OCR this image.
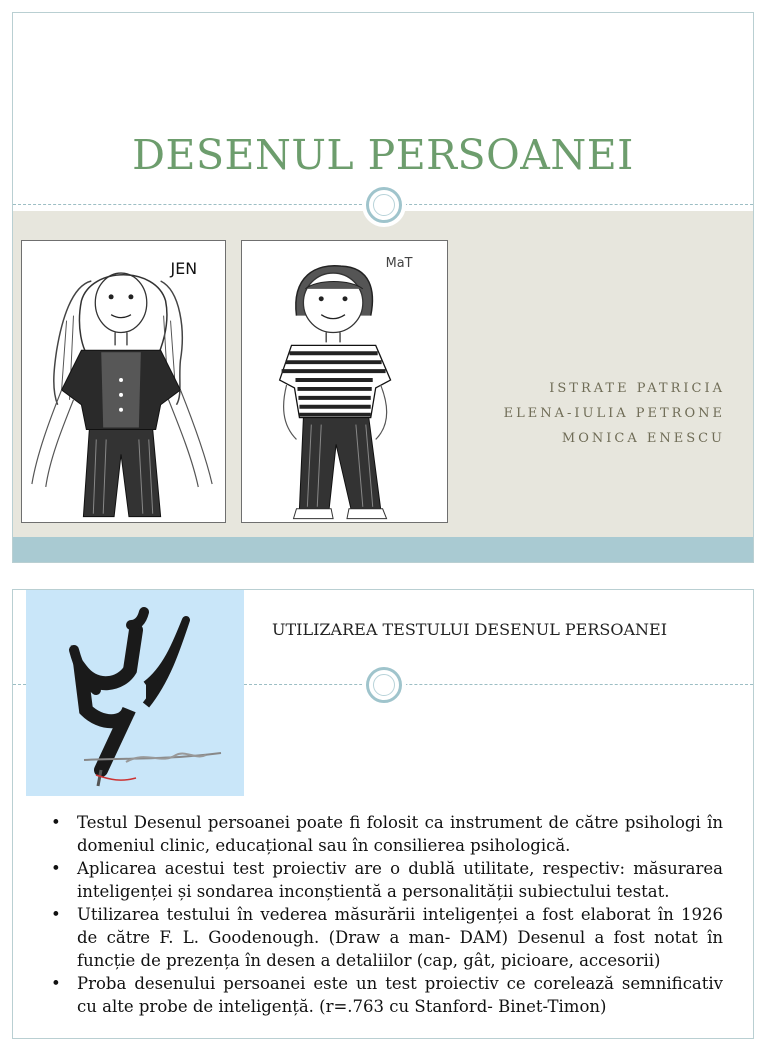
DESENUL PERSOANEI
JEN	MaT
ISTRATE PATRICIA
ELENA-IULIA PETRONE
MONICA ENESCU
UTILIZAREA TESTULUI DESENUL PERSOANEI
• Testul Desenul persoanei poate fi folosit ca instrument de către psihologi în domeniul clinic, educațional sau în consilierea psihologică.
• Aplicarea acestui test proiectiv are o dublă utilitate, respectiv: măsurarea inteligenței și sondarea inconștientă a personalității subiectului testat.
• Utilizarea testului în vederea măsurării inteligenței a fost elaborat în 1926 de către F. L. Goodenough. (Draw a man- DAM) Desenul a fost notat în funcție de prezența în desen a detaliilor (cap, gât, picioare, accesorii)
• Proba desenului persoanei este un test proiectiv ce corelează semnificativ cu alte probe de inteligență. (r=.763 cu Stanford- Binet-Timon)
